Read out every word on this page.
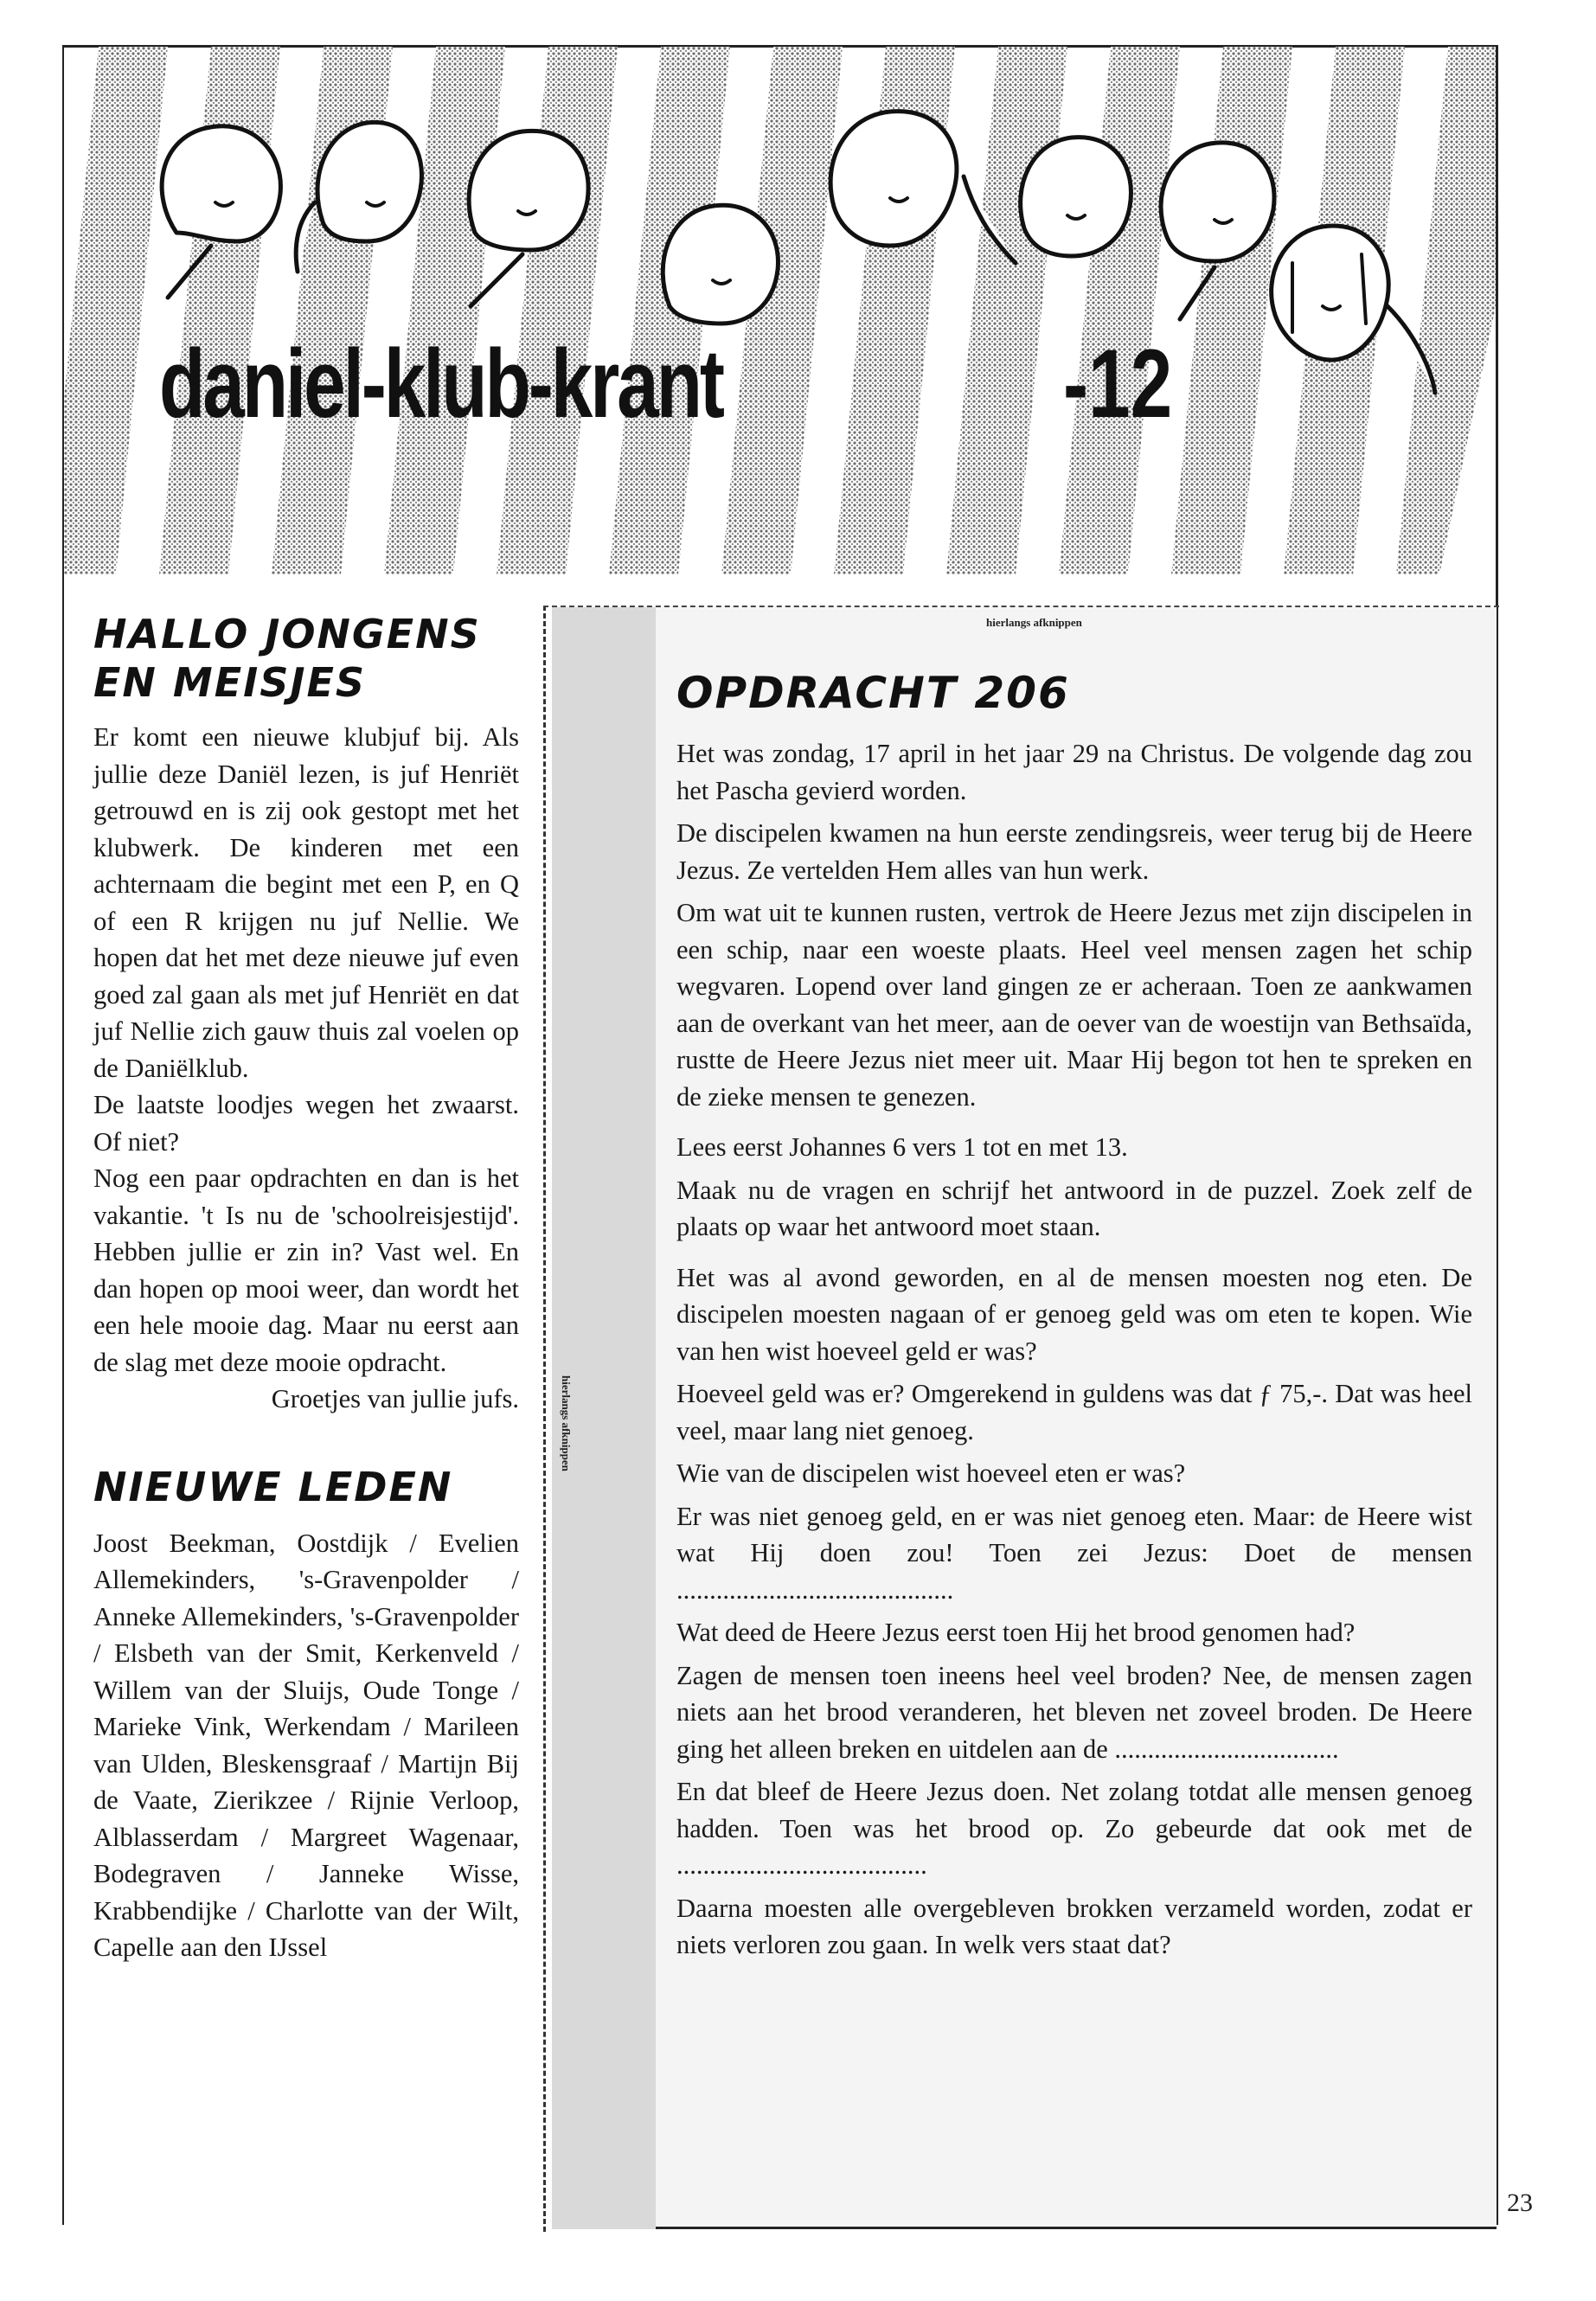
daniel-klub-krant	-12
HALLO JONGENS
EN MEISJES

Er komt een nieuwe klubjuf bij. Als jullie deze Daniël lezen, is juf Henriët getrouwd en is zij ook gestopt met het klubwerk. De kinderen met een achternaam die begint met een P, en Q of een R krijgen nu juf Nellie. We hopen dat het met deze nieuwe juf even goed zal gaan als met juf Henriët en dat juf Nellie zich gauw thuis zal voelen op de Daniëlklub.

De laatste loodjes wegen het zwaarst. Of niet?

Nog een paar opdrachten en dan is het vakantie. 't Is nu de 'schoolreisjestijd'. Hebben jullie er zin in? Vast wel. En dan hopen op mooi weer, dan wordt het een hele mooie dag. Maar nu eerst aan de slag met deze mooie opdracht.

Groetjes van jullie jufs.

NIEUWE LEDEN

Joost Beekman, Oostdijk / Evelien Allemekinders, 's-Gravenpolder / Anneke Allemekinders, 's-Gravenpolder / Elsbeth van der Smit, Kerkenveld / Willem van der Sluijs, Oude Tonge / Marieke Vink, Werkendam / Marileen van Ulden, Bleskensgraaf / Martijn Bij de Vaate, Zierikzee / Rijnie Verloop, Alblasserdam / Margreet Wagenaar, Bodegraven / Janneke Wisse, Krabbendijke / Charlotte van der Wilt, Capelle aan den IJssel

hierlangs afknippen
hierlangs afknippen
OPDRACHT 206

Het was zondag, 17 april in het jaar 29 na Christus. De volgende dag zou het Pascha gevierd worden.

De discipelen kwamen na hun eerste zendingsreis, weer terug bij de Heere Jezus. Ze vertelden Hem alles van hun werk.

Om wat uit te kunnen rusten, vertrok de Heere Jezus met zijn discipelen in een schip, naar een woeste plaats. Heel veel mensen zagen het schip wegvaren. Lopend over land gingen ze er acheraan. Toen ze aankwamen aan de overkant van het meer, aan de oever van de woestijn van Bethsaïda, rustte de Heere Jezus niet meer uit. Maar Hij begon tot hen te spreken en de zieke mensen te genezen.

Lees eerst Johannes 6 vers 1 tot en met 13.

Maak nu de vragen en schrijf het antwoord in de puzzel. Zoek zelf de plaats op waar het antwoord moet staan.

Het was al avond geworden, en al de mensen moesten nog eten. De discipelen moesten nagaan of er genoeg geld was om eten te kopen. Wie van hen wist hoeveel geld er was?

Hoeveel geld was er? Omgerekend in guldens was dat ƒ 75,-. Dat was heel veel, maar lang niet genoeg.

Wie van de discipelen wist hoeveel eten er was?

Er was niet genoeg geld, en er was niet genoeg eten. Maar: de Heere wist wat Hij doen zou! Toen zei Jezus: Doet de mensen ..........................................

Wat deed de Heere Jezus eerst toen Hij het brood genomen had?

Zagen de mensen toen ineens heel veel broden? Nee, de mensen zagen niets aan het brood veranderen, het bleven net zoveel broden. De Heere ging het alleen breken en uitdelen aan de ..................................

En dat bleef de Heere Jezus doen. Net zolang totdat alle mensen genoeg hadden. Toen was het brood op. Zo gebeurde dat ook met de ......................................

Daarna moesten alle overgebleven brokken verzameld worden, zodat er niets verloren zou gaan. In welk vers staat dat?

23
